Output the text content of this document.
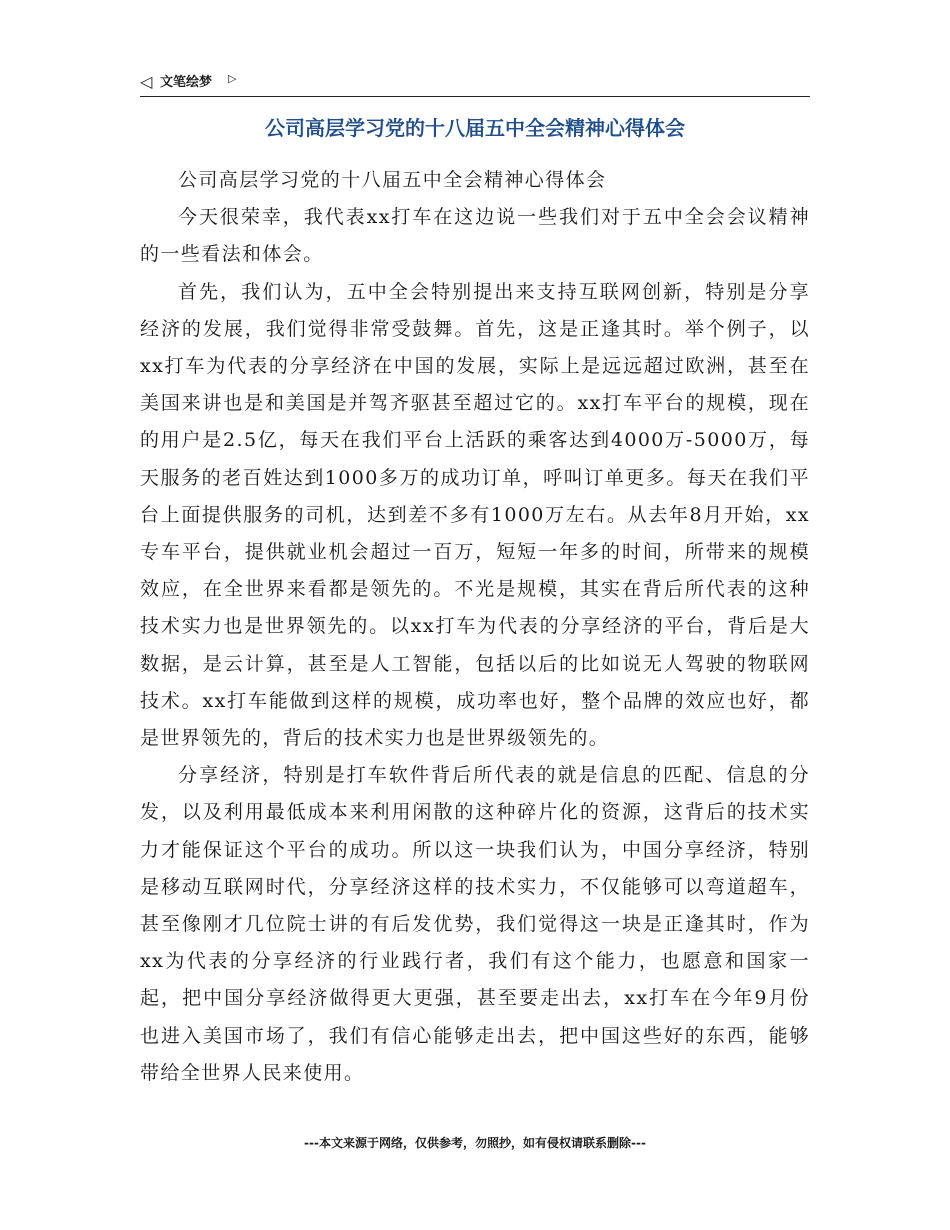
◁ 文笔绘梦 ▷
公司高层学习党的十八届五中全会精神心得体会

公司高层学习党的十八届五中全会精神心得体会

今天很荣幸，我代表xx打车在这边说一些我们对于五中全会会议精神的一些看法和体会。

首先，我们认为，五中全会特别提出来支持互联网创新，特别是分享经济的发展，我们觉得非常受鼓舞。首先，这是正逢其时。举个例子，以xx打车为代表的分享经济在中国的发展，实际上是远远超过欧洲，甚至在美国来讲也是和美国是并驾齐驱甚至超过它的。xx打车平台的规模，现在的用户是2.5亿，每天在我们平台上活跃的乘客达到4000万-5000万，每天服务的老百姓达到1000多万的成功订单，呼叫订单更多。每天在我们平台上面提供服务的司机，达到差不多有1000万左右。从去年8月开始，xx专车平台，提供就业机会超过一百万，短短一年多的时间，所带来的规模效应，在全世界来看都是领先的。不光是规模，其实在背后所代表的这种技术实力也是世界领先的。以xx打车为代表的分享经济的平台，背后是大数据，是云计算，甚至是人工智能，包括以后的比如说无人驾驶的物联网技术。xx打车能做到这样的规模，成功率也好，整个品牌的效应也好，都是世界领先的，背后的技术实力也是世界级领先的。

分享经济，特别是打车软件背后所代表的就是信息的匹配、信息的分发，以及利用最低成本来利用闲散的这种碎片化的资源，这背后的技术实力才能保证这个平台的成功。所以这一块我们认为，中国分享经济，特别是移动互联网时代，分享经济这样的技术实力，不仅能够可以弯道超车，甚至像刚才几位院士讲的有后发优势，我们觉得这一块是正逢其时，作为xx为代表的分享经济的行业践行者，我们有这个能力，也愿意和国家一起，把中国分享经济做得更大更强，甚至要走出去，xx打车在今年9月份也进入美国市场了，我们有信心能够走出去，把中国这些好的东西，能够带给全世界人民来使用。

---本文来源于网络，仅供参考，勿照抄，如有侵权请联系删除---
